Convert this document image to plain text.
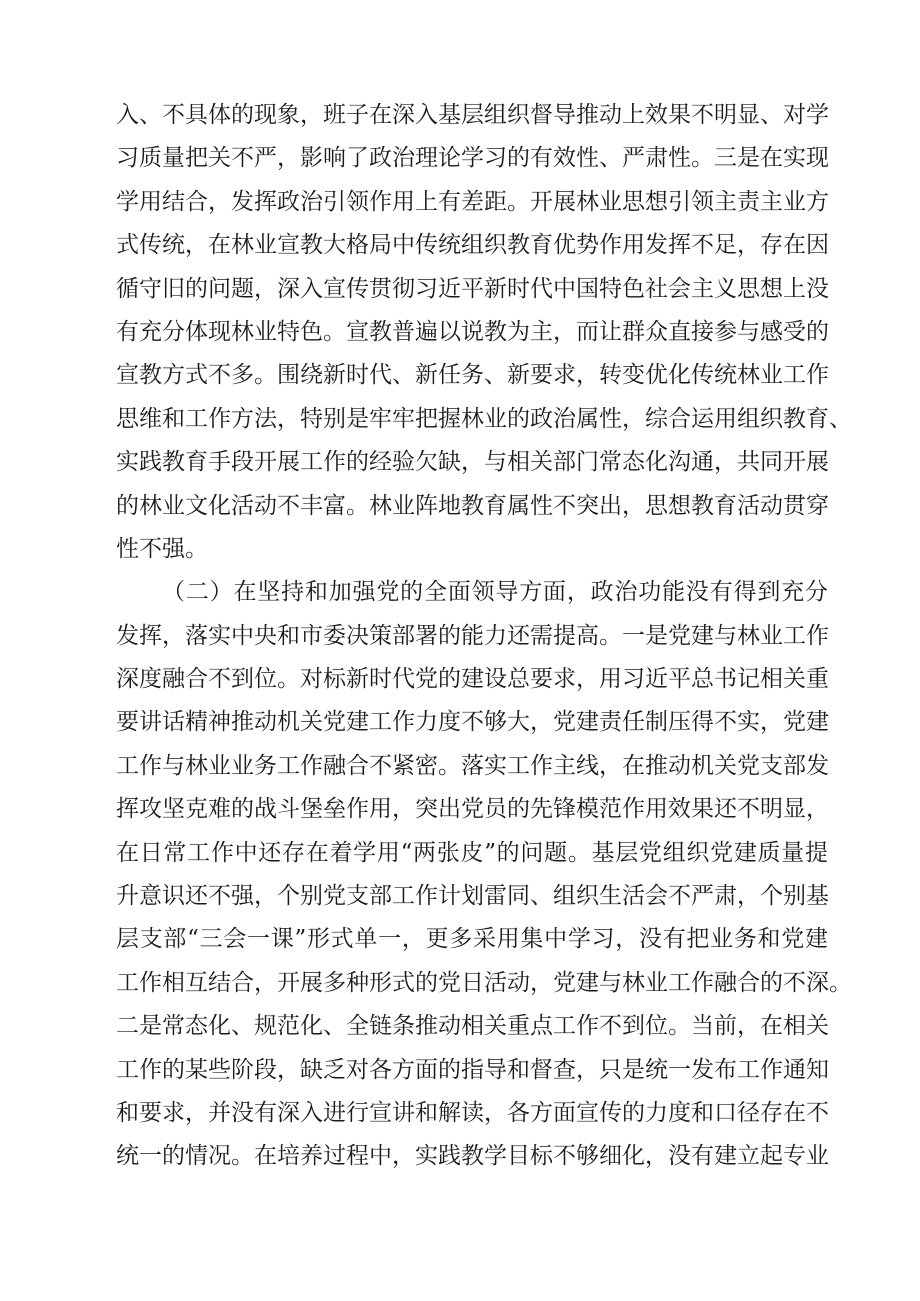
入、不具体的现象，班子在深入基层组织督导推动上效果不明显、对学
习质量把关不严，影响了政治理论学习的有效性、严肃性。三是在实现
学用结合，发挥政治引领作用上有差距。开展林业思想引领主责主业方
式传统，在林业宣教大格局中传统组织教育优势作用发挥不足，存在因
循守旧的问题，深入宣传贯彻习近平新时代中国特色社会主义思想上没
有充分体现林业特色。宣教普遍以说教为主，而让群众直接参与感受的
宣教方式不多。围绕新时代、新任务、新要求，转变优化传统林业工作
思维和工作方法，特别是牢牢把握林业的政治属性，综合运用组织教育、
实践教育手段开展工作的经验欠缺，与相关部门常态化沟通，共同开展
的林业文化活动不丰富。林业阵地教育属性不突出，思想教育活动贯穿
性不强。
（二）在坚持和加强党的全面领导方面，政治功能没有得到充分
发挥，落实中央和市委决策部署的能力还需提高。一是党建与林业工作
深度融合不到位。对标新时代党的建设总要求，用习近平总书记相关重
要讲话精神推动机关党建工作力度不够大，党建责任制压得不实，党建
工作与林业业务工作融合不紧密。落实工作主线，在推动机关党支部发
挥攻坚克难的战斗堡垒作用，突出党员的先锋模范作用效果还不明显，
在日常工作中还存在着学用“两张皮”的问题。基层党组织党建质量提
升意识还不强，个别党支部工作计划雷同、组织生活会不严肃，个别基
层支部“三会一课”形式单一，更多采用集中学习，没有把业务和党建
工作相互结合，开展多种形式的党日活动，党建与林业工作融合的不深。
二是常态化、规范化、全链条推动相关重点工作不到位。当前，在相关
工作的某些阶段，缺乏对各方面的指导和督查，只是统一发布工作通知
和要求，并没有深入进行宣讲和解读，各方面宣传的力度和口径存在不
统一的情况。在培养过程中，实践教学目标不够细化，没有建立起专业
